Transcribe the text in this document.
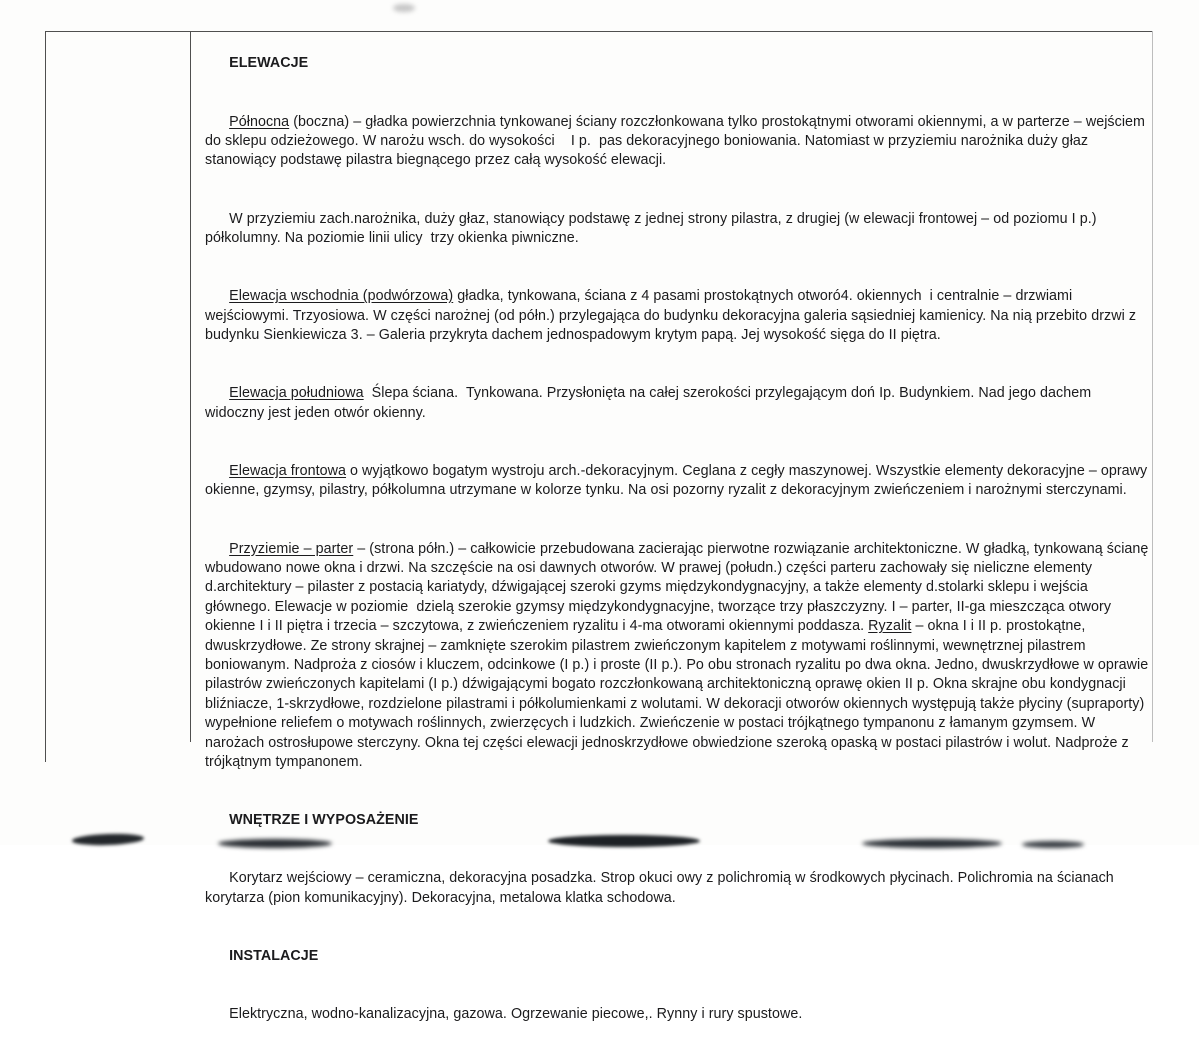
ELEWACJE

Północna (boczna) – gładka powierzchnia tynkowanej ściany rozczłonkowana tylko prostokątnymi otworami okiennymi, a w parterze – wejściem do sklepu odzieżowego. W narożu wsch. do wysokości    I p.  pas dekoracyjnego boniowania. Natomiast w przyziemiu narożnika duży głaz stanowiący podstawę pilastra biegnącego przez całą wysokość elewacji.

W przyziemiu zach.narożnika, duży głaz, stanowiący podstawę z jednej strony pilastra, z drugiej (w elewacji frontowej – od poziomu I p.) półkolumny. Na poziomie linii ulicy  trzy okienka piwniczne.

Elewacja wschodnia (podwórzowa) gładka, tynkowana, ściana z 4 pasami prostokątnych otworó4. okiennych  i centralnie – drzwiami wejściowymi. Trzyosiowa. W części narożnej (od półn.) przylegająca do budynku dekoracyjna galeria sąsiedniej kamienicy. Na nią przebito drzwi z budynku Sienkiewicza 3. – Galeria przykryta dachem jednospadowym krytym papą. Jej wysokość sięga do II piętra.

Elewacja południowa  Ślepa ściana.  Tynkowana. Przysłonięta na całej szerokości przylegającym doń Ip. Budynkiem. Nad jego dachem widoczny jest jeden otwór okienny.

Elewacja frontowa o wyjątkowo bogatym wystroju arch.-dekoracyjnym. Ceglana z cegły maszynowej. Wszystkie elementy dekoracyjne – oprawy okienne, gzymsy, pilastry, półkolumna utrzymane w kolorze tynku. Na osi pozorny ryzalit z dekoracyjnym zwieńczeniem i narożnymi sterczynami.

Przyziemie – parter – (strona półn.) – całkowicie przebudowana zacierając pierwotne rozwiązanie architektoniczne. W gładką, tynkowaną ścianę wbudowano nowe okna i drzwi. Na szczęście na osi dawnych otworów. W prawej (połudn.) części parteru zachowały się nieliczne elementy d.architektury – pilaster z postacią kariatydy, dźwigającej szeroki gzyms międzykondygnacyjny, a także elementy d.stolarki sklepu i wejścia głównego. Elewacje w poziomie  dzielą szerokie gzymsy międzykondygnacyjne, tworzące trzy płaszczyzny. I – parter, II-ga mieszcząca otwory okienne I i II piętra i trzecia – szczytowa, z zwieńczeniem ryzalitu i 4-ma otworami okiennymi poddasza. Ryzalit – okna I i II p. prostokątne, dwuskrzydłowe. Ze strony skrajnej – zamknięte szerokim pilastrem zwieńczonym kapitelem z motywami roślinnymi, wewnętrznej pilastrem boniowanym. Nadproża z ciosów i kluczem, odcinkowe (I p.) i proste (II p.). Po obu stronach ryzalitu po dwa okna. Jedno, dwuskrzydłowe w oprawie pilastrów zwieńczonych kapitelami (I p.) dźwigającymi bogato rozczłonkowaną architektoniczną oprawę okien II p. Okna skrajne obu kondygnacji bliźniacze, 1-skrzydłowe, rozdzielone pilastrami i półkolumienkami z wolutami. W dekoracji otworów okiennych występują także płyciny (supraporty) wypełnione reliefem o motywach roślinnych, zwierzęcych i ludzkich. Zwieńczenie w postaci trójkątnego tympanonu z łamanym gzymsem. W narożach ostrosłupowe sterczyny. Okna tej części elewacji jednoskrzydłowe obwiedzione szeroką opaską w postaci pilastrów i wolut. Nadproże z trójkątnym tympanonem.

WNĘTRZE I WYPOSAŻENIE

Korytarz wejściowy – ceramiczna, dekoracyjna posadzka. Strop okuci owy z polichromią w środkowych płycinach. Polichromia na ścianach korytarza (pion komunikacyjny). Dekoracyjna, metalowa klatka schodowa.

INSTALACJE

Elektryczna, wodno-kanalizacyjna, gazowa. Ogrzewanie piecowe,. Rynny i rury spustowe.
